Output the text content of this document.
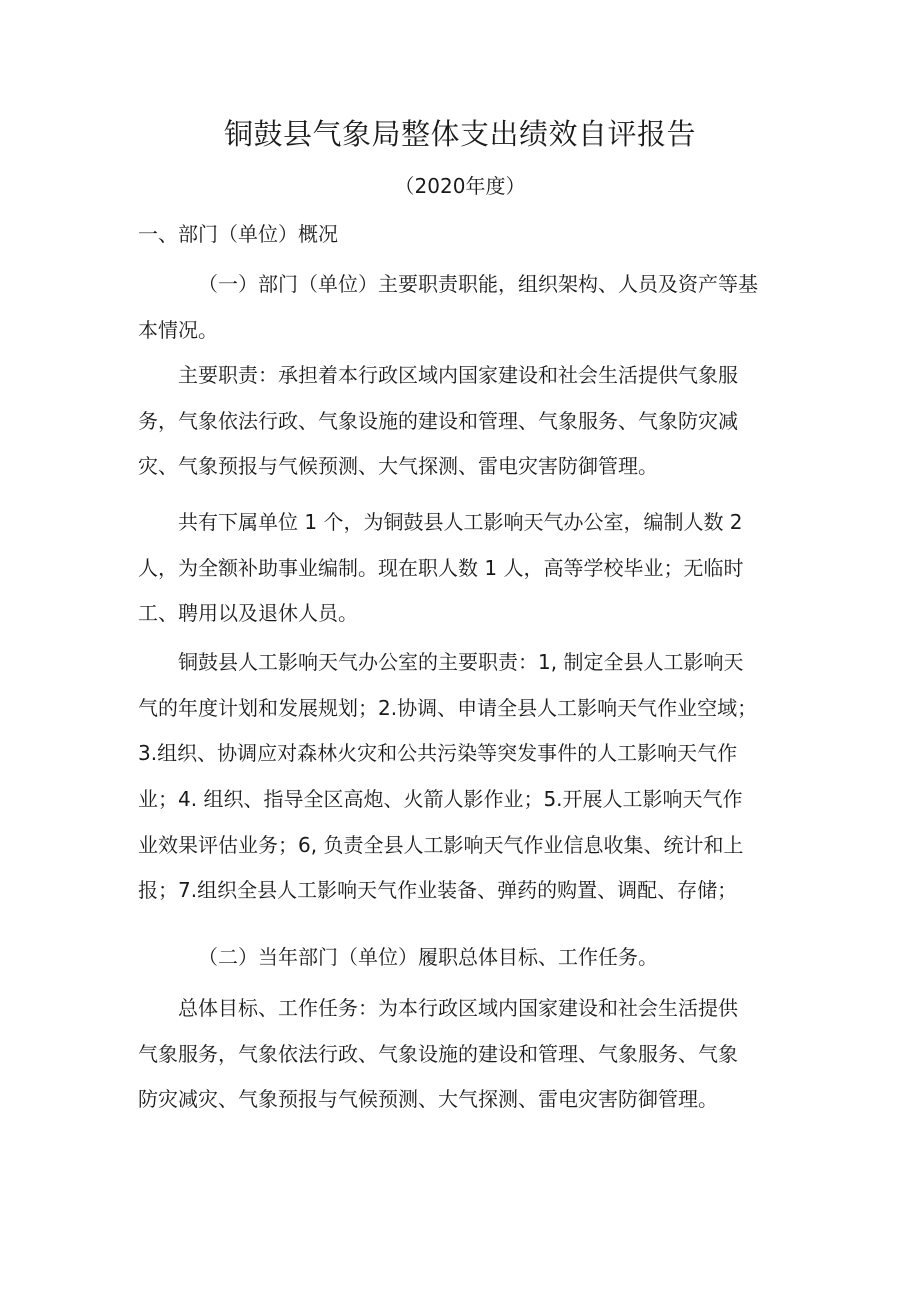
铜鼓县气象局整体支出绩效自评报告
（2020年度）
一、部门（单位）概况
（一）部门（单位）主要职责职能，组织架构、人员及资产等基
本情况。
主要职责：承担着本行政区域内国家建设和社会生活提供气象服
务，气象依法行政、气象设施的建设和管理、气象服务、气象防灾减
灾、气象预报与气候预测、大气探测、雷电灾害防御管理。
共有下属单位 1 个，为铜鼓县人工影响天气办公室，编制人数 2
人，为全额补助事业编制。现在职人数 1 人，高等学校毕业；无临时
工、聘用以及退休人员。
铜鼓县人工影响天气办公室的主要职责：1, 制定全县人工影响天
气的年度计划和发展规划；2.协调、申请全县人工影响天气作业空域；
3.组织、协调应对森林火灾和公共污染等突发事件的人工影响天气作
业；4. 组织、指导全区高炮、火箭人影作业；5.开展人工影响天气作
业效果评估业务；6, 负责全县人工影响天气作业信息收集、统计和上
报；7.组织全县人工影响天气作业装备、弹药的购置、调配、存储；
（二）当年部门（单位）履职总体目标、工作任务。
总体目标、工作任务：为本行政区域内国家建设和社会生活提供
气象服务，气象依法行政、气象设施的建设和管理、气象服务、气象
防灾减灾、气象预报与气候预测、大气探测、雷电灾害防御管理。
